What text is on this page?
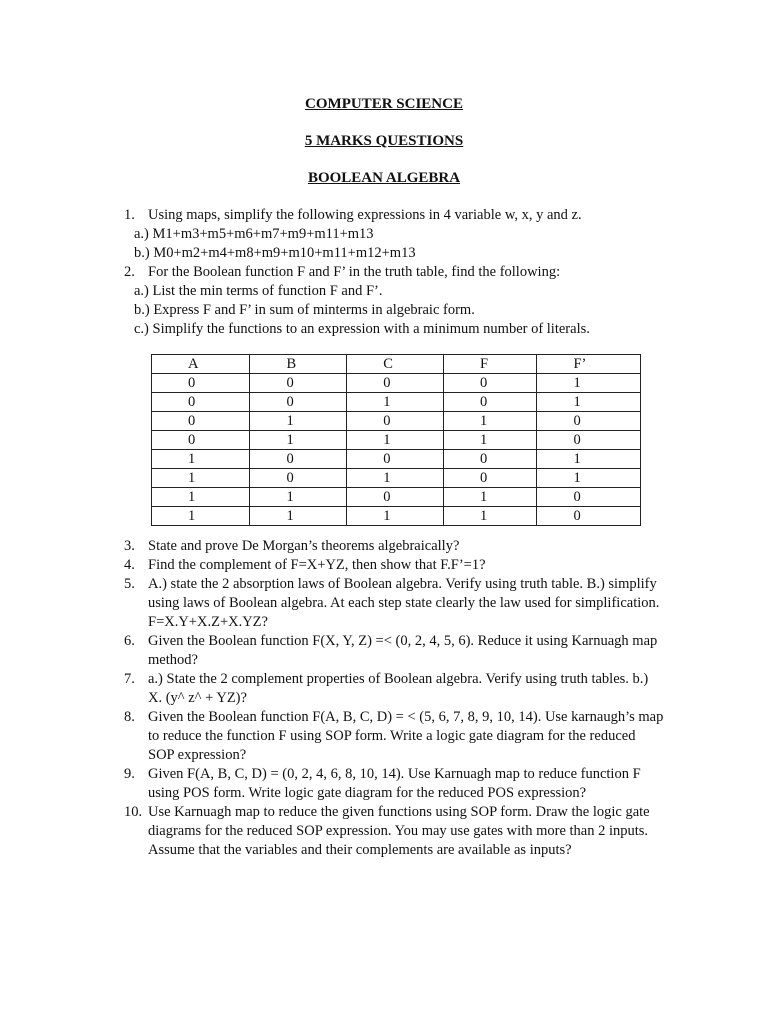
COMPUTER SCIENCE
5 MARKS QUESTIONS
BOOLEAN ALGEBRA
1. Using maps, simplify the following expressions in 4 variable w, x, y and z.
a.) M1+m3+m5+m6+m7+m9+m11+m13
b.) M0+m2+m4+m8+m9+m10+m11+m12+m13
2. For the Boolean function F and F’ in the truth table, find the following:
a.) List the min terms of function F and F’.
b.) Express F and F’ in sum of minterms in algebraic form.
c.) Simplify the functions to an expression with a minimum number of literals.
A	B	C	F	F’
0	0	0	0	1
0	0	1	0	1
0	1	0	1	0
0	1	1	1	0
1	0	0	0	1
1	0	1	0	1
1	1	0	1	0
1	1	1	1	0
3. State and prove De Morgan’s theorems algebraically?
4. Find the complement of F=X+YZ, then show that F.F’=1?
5. A.) state the 2 absorption laws of Boolean algebra. Verify using truth table. B.) simplify using laws of Boolean algebra. At each step state clearly the law used for simplification. F=X.Y+X.Z+X.YZ?
6. Given the Boolean function F(X, Y, Z) =< (0, 2, 4, 5, 6). Reduce it using Karnuagh map method?
7. a.) State the 2 complement properties of Boolean algebra. Verify using truth tables. b.) X. (y^ z^ + YZ)?
8. Given the Boolean function F(A, B, C, D) = < (5, 6, 7, 8, 9, 10, 14). Use karnaugh’s map to reduce the function F using SOP form. Write a logic gate diagram for the reduced SOP expression?
9. Given F(A, B, C, D) = (0, 2, 4, 6, 8, 10, 14). Use Karnuagh map to reduce function F using POS form. Write logic gate diagram for the reduced POS expression?
10. Use Karnuagh map to reduce the given functions using SOP form. Draw the logic gate diagrams for the reduced SOP expression. You may use gates with more than 2 inputs. Assume that the variables and their complements are available as inputs?
